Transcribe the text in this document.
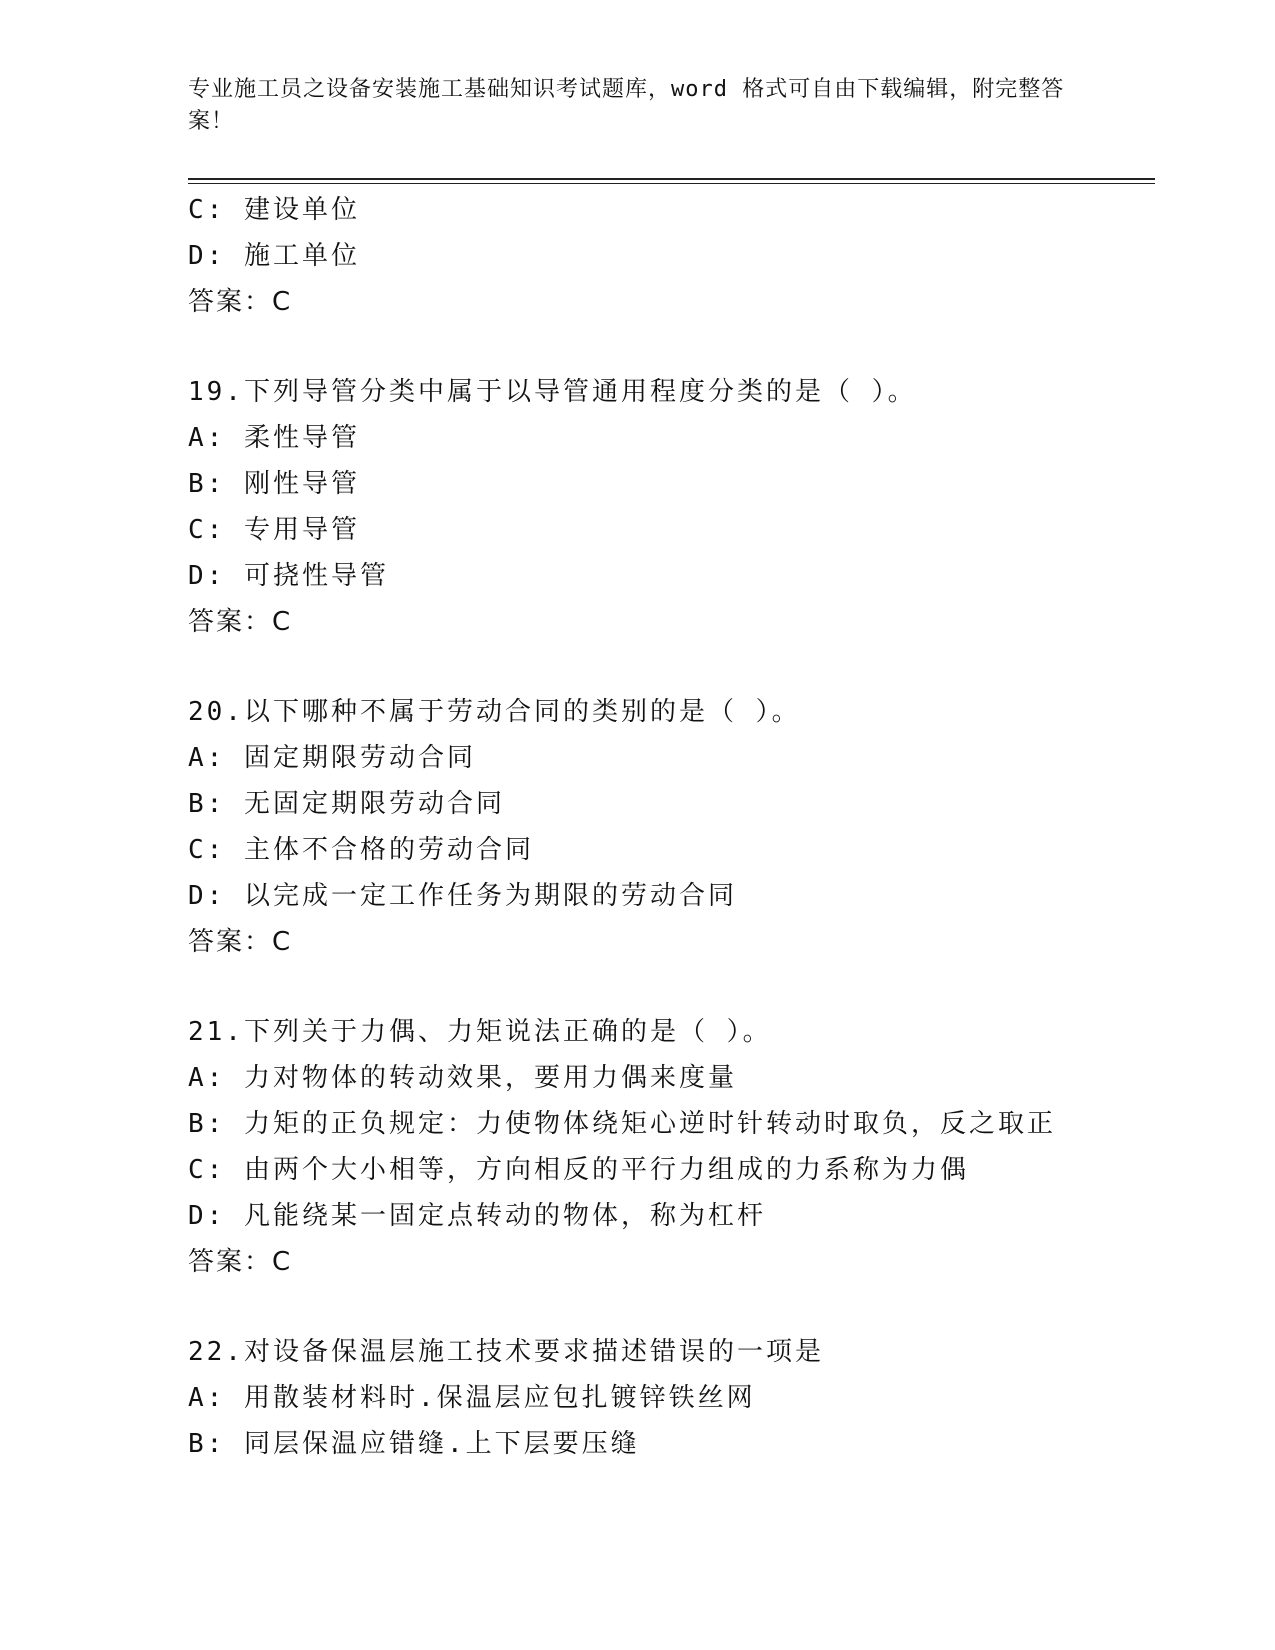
专业施工员之设备安装施工基础知识考试题库，word 格式可自由下载编辑，附完整答案！

C: 建设单位

D: 施工单位

答案：C

19.下列导管分类中属于以导管通用程度分类的是（ ）。

A: 柔性导管

B: 刚性导管

C: 专用导管

D: 可挠性导管

答案：C

20.以下哪种不属于劳动合同的类别的是（ ）。

A: 固定期限劳动合同

B: 无固定期限劳动合同

C: 主体不合格的劳动合同

D: 以完成一定工作任务为期限的劳动合同

答案：C

21.下列关于力偶、力矩说法正确的是（ ）。

A: 力对物体的转动效果，要用力偶来度量

B: 力矩的正负规定：力使物体绕矩心逆时针转动时取负，反之取正

C: 由两个大小相等，方向相反的平行力组成的力系称为力偶

D: 凡能绕某一固定点转动的物体，称为杠杆

答案：C

22.对设备保温层施工技术要求描述错误的一项是

A: 用散装材料时.保温层应包扎镀锌铁丝网

B: 同层保温应错缝.上下层要压缝
